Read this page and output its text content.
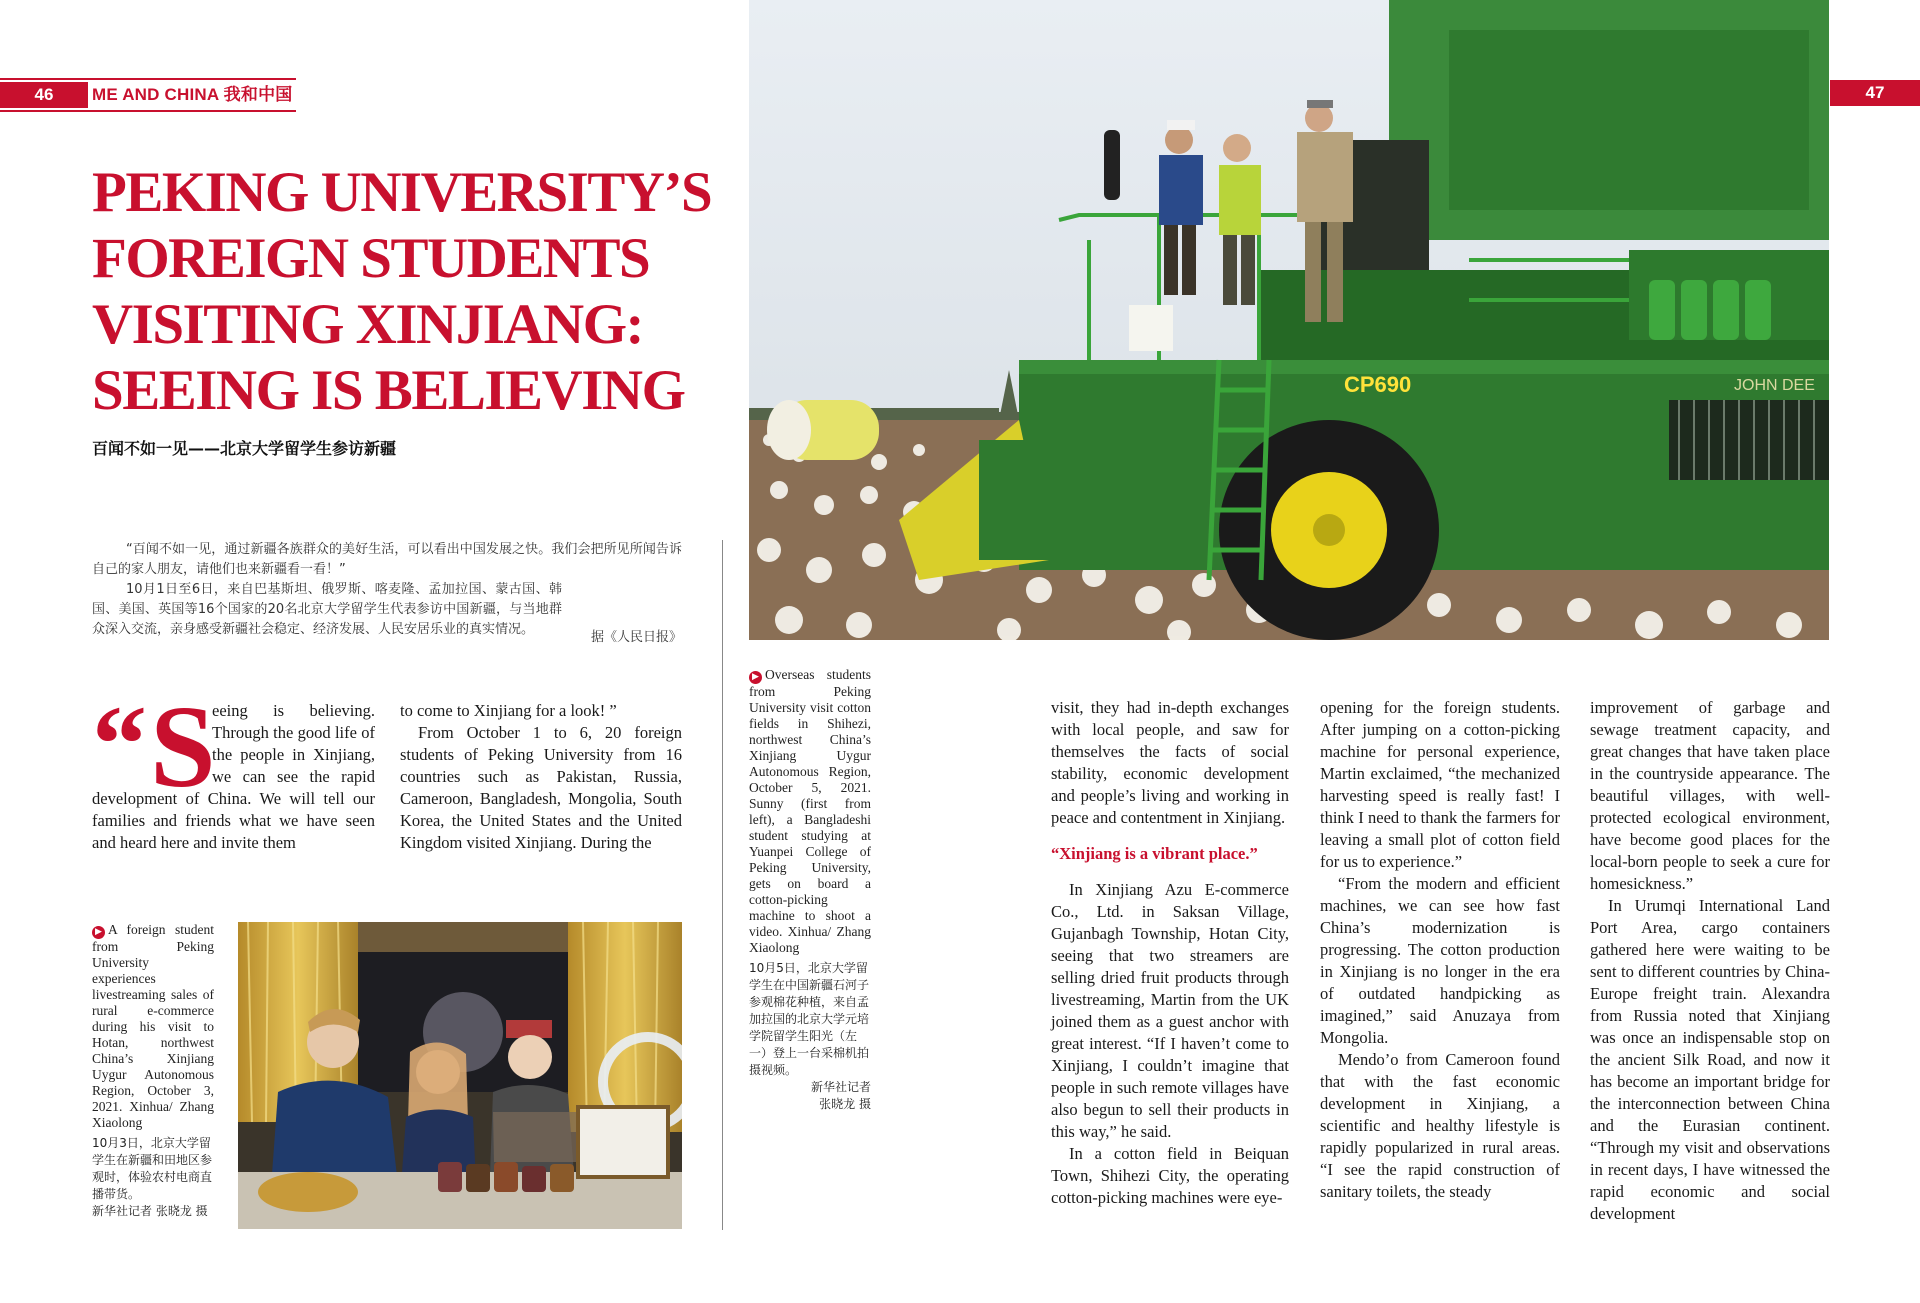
46	ME AND CHINA 我和中国	47
PEKING UNIVERSITY’S
FOREIGN STUDENTS
VISITING XINJIANG:
SEEING IS BELIEVING
百闻不如一见——北京大学留学生参访新疆

“百闻不如一见，通过新疆各族群众的美好生活，可以看出中国发展之快。我们会把所见所闻告诉自己的家人朋友，请他们也来新疆看一看！”

10月1日至6日，来自巴基斯坦、俄罗斯、喀麦隆、孟加拉国、蒙古国、韩国、美国、英国等16个国家的20名北京大学留学生代表参访中国新疆，与当地群众深入交流，亲身感受新疆社会稳定、经济发展、人民安居乐业的真实情况。

据《人民日报》
“ S

eeing is believing. Through the good life of the people in Xinjiang, we can see the rapid development of China. We will tell our families and friends what we have seen and heard here and invite them

to come to Xinjiang for a look! ”

From October 1 to 6, 20 foreign students of Peking University from 16 countries such as Pakistan, Russia, Cameroon, Bangladesh, Mongolia, South Korea, the United States and the United Kingdom visited Xinjiang. During the

▶ A foreign student from Peking University experiences livestreaming sales of rural e-commerce during his visit to Hotan, northwest China’s Xinjiang Uygur Autonomous Region, October 3, 2021. Xinhua/ Zhang Xiaolong
10月3日，北京大学留学生在新疆和田地区参观时，体验农村电商直播带货。
新华社记者 张晓龙 摄
CP690	JOHN DEE
▶ Overseas students from Peking University visit cotton fields in Shihezi, northwest China’s Xinjiang Uygur Autonomous Region, October 5, 2021. Sunny (first from left), a Bangladeshi student studying at Yuanpei College of Peking University, gets on board a cotton-picking machine to shoot a video. Xinhua/ Zhang Xiaolong
10月5日，北京大学留学生在中国新疆石河子参观棉花种植，来自孟加拉国的北京大学元培学院留学生阳光（左一）登上一台采棉机拍摄视频。
新华社记者
张晓龙 摄

visit, they had in-depth exchanges with local people, and saw for themselves the facts of social stability, economic development and people’s living and working in peace and contentment in Xinjiang.

“Xinjiang is a vibrant place.”

In Xinjiang Azu E-commerce Co., Ltd. in Saksan Village, Gujanbagh Township, Hotan City, seeing that two streamers are selling dried fruit products through livestreaming, Martin from the UK joined them as a guest anchor with great interest. “If I haven’t come to Xinjiang, I couldn’t imagine that people in such remote villages have also begun to sell their products in this way,” he said.

In a cotton field in Beiquan Town, Shihezi City, the operating cotton-picking machines were eye-

opening for the foreign students. After jumping on a cotton-picking machine for personal experience, Martin exclaimed, “the mechanized harvesting speed is really fast! I think I need to thank the farmers for leaving a small plot of cotton field for us to experience.”

“From the modern and efficient machines, we can see how fast China’s modernization is progressing. The cotton production in Xinjiang is no longer in the era of outdated handpicking as imagined,” said Anuzaya from Mongolia.

Mendo’o from Cameroon found that with the fast economic development in Xinjiang, a scientific and healthy lifestyle is rapidly popularized in rural areas. “I see the rapid construction of sanitary toilets, the steady

improvement of garbage and sewage treatment capacity, and great changes that have taken place in the countryside appearance. The beautiful villages, with well-protected ecological environment, have become good places for the local-born people to seek a cure for homesickness.”

In Urumqi International Land Port Area, cargo containers gathered here were waiting to be sent to different countries by China-Europe freight train. Alexandra from Russia noted that Xinjiang was once an indispensable stop on the ancient Silk Road, and now it has become an important bridge for the interconnection between China and the Eurasian continent. “Through my visit and observations in recent days, I have witnessed the rapid economic and social development
